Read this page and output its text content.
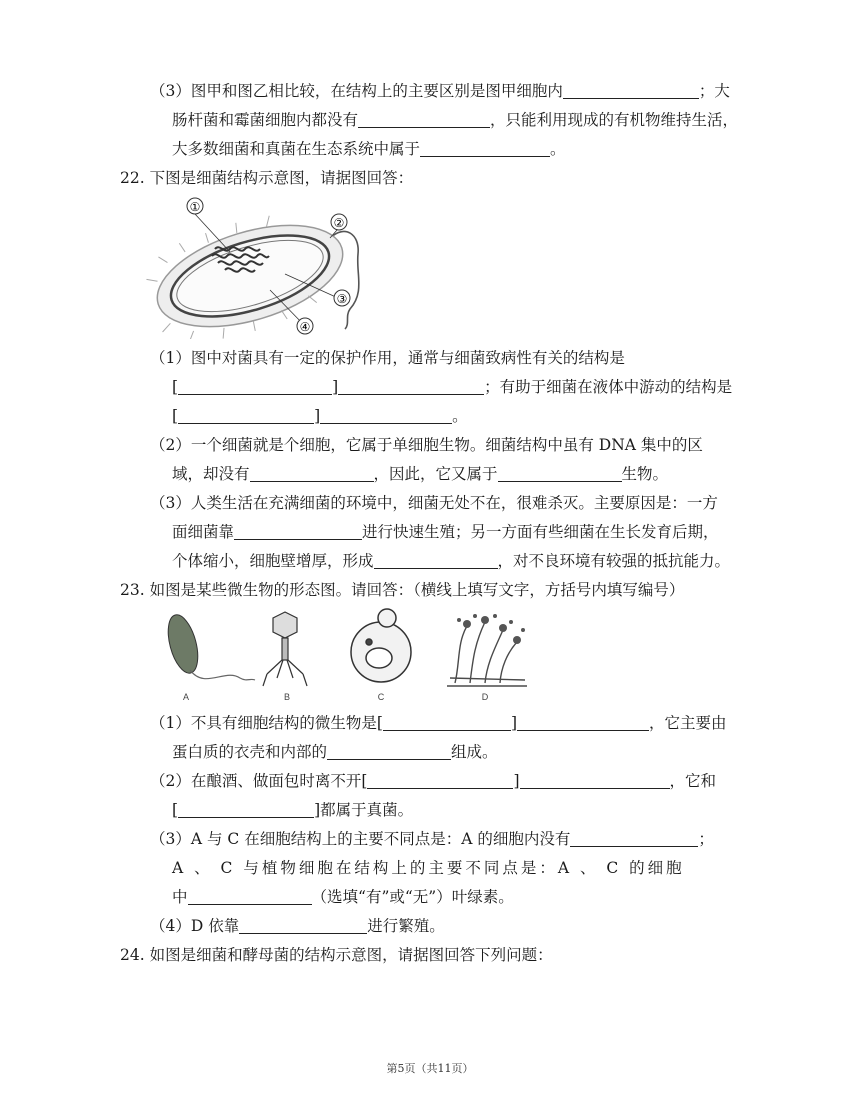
（3）图甲和图乙相比较，在结构上的主要区别是图甲细胞内	；大
肠杆菌和霉菌细胞内都没有	，只能利用现成的有机物维持生活，
大多数细菌和真菌在生态系统中属于	。
22. 下图是细菌结构示意图，请据图回答：
①
②
③
④
（1）图中对菌具有一定的保护作用，通常与细菌致病性有关的结构是
[	]	；有助于细菌在液体中游动的结构是
[	]	。
（2）一个细菌就是个细胞，它属于单细胞生物。细菌结构中虽有 DNA 集中的区
域，却没有	，因此，它又属于	生物。
（3）人类生活在充满细菌的环境中，细菌无处不在，很难杀灭。主要原因是：一方
面细菌靠	进行快速生殖；另一方面有些细菌在生长发育后期，
个体缩小，细胞壁增厚，形成	，对不良环境有较强的抵抗能力。
23. 如图是某些微生物的形态图。请回答：（横线上填写文字，方括号内填写编号）
A	B	C	D
（1）不具有细胞结构的微生物是[	]	，它主要由
蛋白质的衣壳和内部的	组成。
（2）在酿酒、做面包时离不开[	]	，它和
[	]都属于真菌。
（3）A 与 C 在细胞结构上的主要不同点是：A 的细胞内没有	；
A 、 C 与植物细胞在结构上的主要不同点是：A 、 C 的细胞
中	（选填“有”或“无”）叶绿素。
（4）D 依靠	进行繁殖。
24. 如图是细菌和酵母菌的结构示意图，请据图回答下列问题：
第5页（共11页）
